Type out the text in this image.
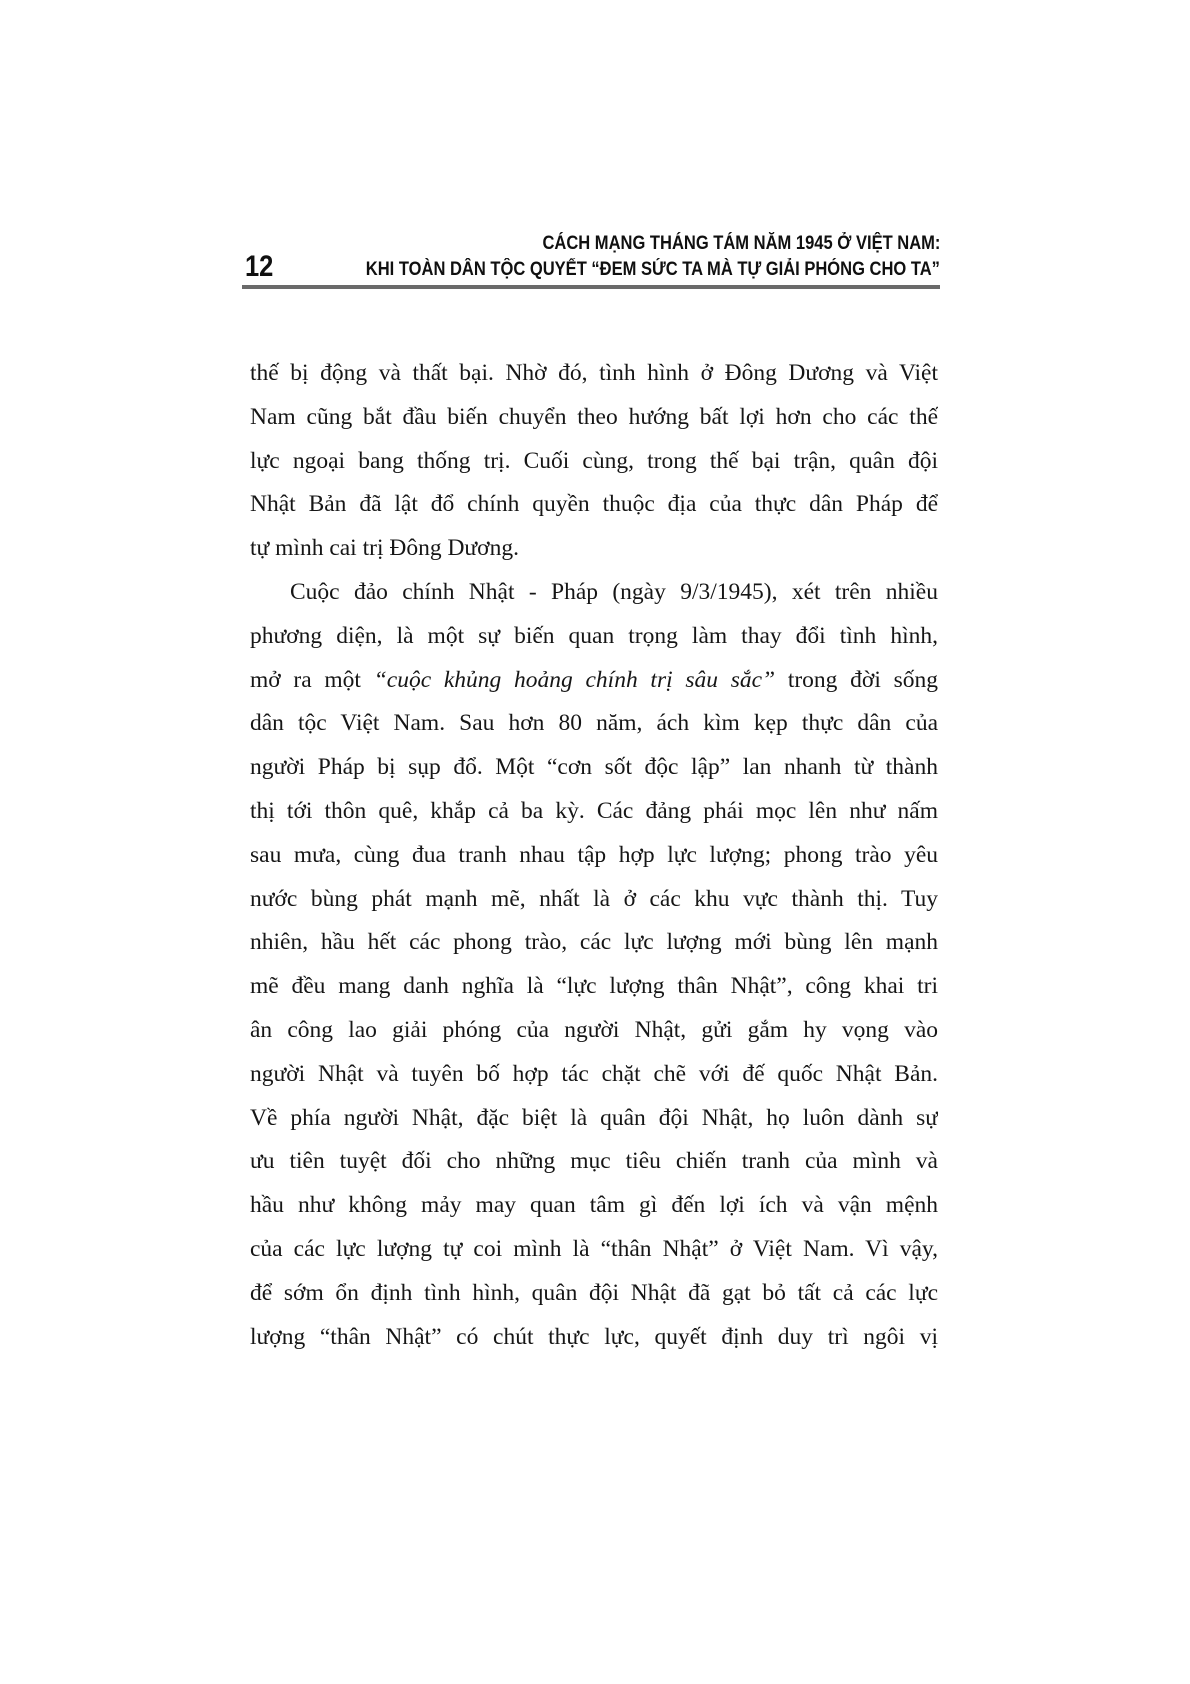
12
CÁCH MẠNG THÁNG TÁM NĂM 1945 Ở VIỆT NAM:
KHI TOÀN DÂN TỘC QUYẾT “ĐEM SỨC TA MÀ TỰ GIẢI PHÓNG CHO TA”
thế bị động và thất bại. Nhờ đó, tình hình ở Đông Dương và Việt
Nam cũng bắt đầu biến chuyển theo hướng bất lợi hơn cho các thế
lực ngoại bang thống trị. Cuối cùng, trong thế bại trận, quân đội
Nhật Bản đã lật đổ chính quyền thuộc địa của thực dân Pháp để
tự mình cai trị Đông Dương.
Cuộc đảo chính Nhật - Pháp (ngày 9/3/1945), xét trên nhiều
phương diện, là một sự biến quan trọng làm thay đổi tình hình,
mở ra một “cuộc khủng hoảng chính trị sâu sắc” trong đời sống
dân tộc Việt Nam. Sau hơn 80 năm, ách kìm kẹp thực dân của
người Pháp bị sụp đổ. Một “cơn sốt độc lập” lan nhanh từ thành
thị tới thôn quê, khắp cả ba kỳ. Các đảng phái mọc lên như nấm
sau mưa, cùng đua tranh nhau tập hợp lực lượng; phong trào yêu
nước bùng phát mạnh mẽ, nhất là ở các khu vực thành thị. Tuy
nhiên, hầu hết các phong trào, các lực lượng mới bùng lên mạnh
mẽ đều mang danh nghĩa là “lực lượng thân Nhật”, công khai tri
ân công lao giải phóng của người Nhật, gửi gắm hy vọng vào
người Nhật và tuyên bố hợp tác chặt chẽ với đế quốc Nhật Bản.
Về phía người Nhật, đặc biệt là quân đội Nhật, họ luôn dành sự
ưu tiên tuyệt đối cho những mục tiêu chiến tranh của mình và
hầu như không mảy may quan tâm gì đến lợi ích và vận mệnh
của các lực lượng tự coi mình là “thân Nhật” ở Việt Nam. Vì vậy,
để sớm ổn định tình hình, quân đội Nhật đã gạt bỏ tất cả các lực
lượng “thân Nhật” có chút thực lực, quyết định duy trì ngôi vị
